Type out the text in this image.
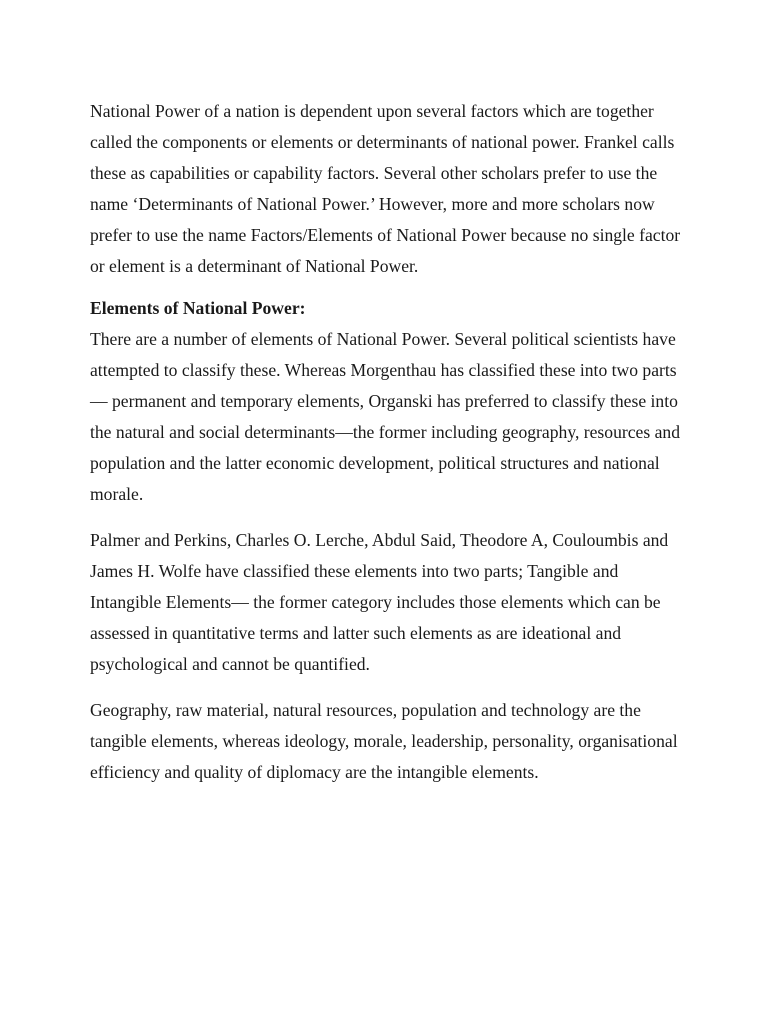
National Power of a nation is dependent upon several factors which are together called the components or elements or determinants of national power. Frankel calls these as capabilities or capability factors. Several other scholars prefer to use the name ‘Determinants of National Power.’ However, more and more scholars now prefer to use the name Factors/Elements of National Power because no single factor or element is a determinant of National Power.

Elements of National Power:

There are a number of elements of National Power. Several political scientists have attempted to classify these. Whereas Morgenthau has classified these into two parts— permanent and temporary elements, Organski has preferred to classify these into the natural and social determinants—the former including geography, resources and population and the latter economic development, political structures and national morale.

Palmer and Perkins, Charles O. Lerche, Abdul Said, Theodore A, Couloumbis and James H. Wolfe have classified these elements into two parts; Tangible and Intangible Elements— the former category includes those elements which can be assessed in quantitative terms and latter such elements as are ideational and psychological and cannot be quantified.

Geography, raw material, natural resources, population and technology are the tangible elements, whereas ideology, morale, leadership, personality, organisational efficiency and quality of diplomacy are the intangible elements.
